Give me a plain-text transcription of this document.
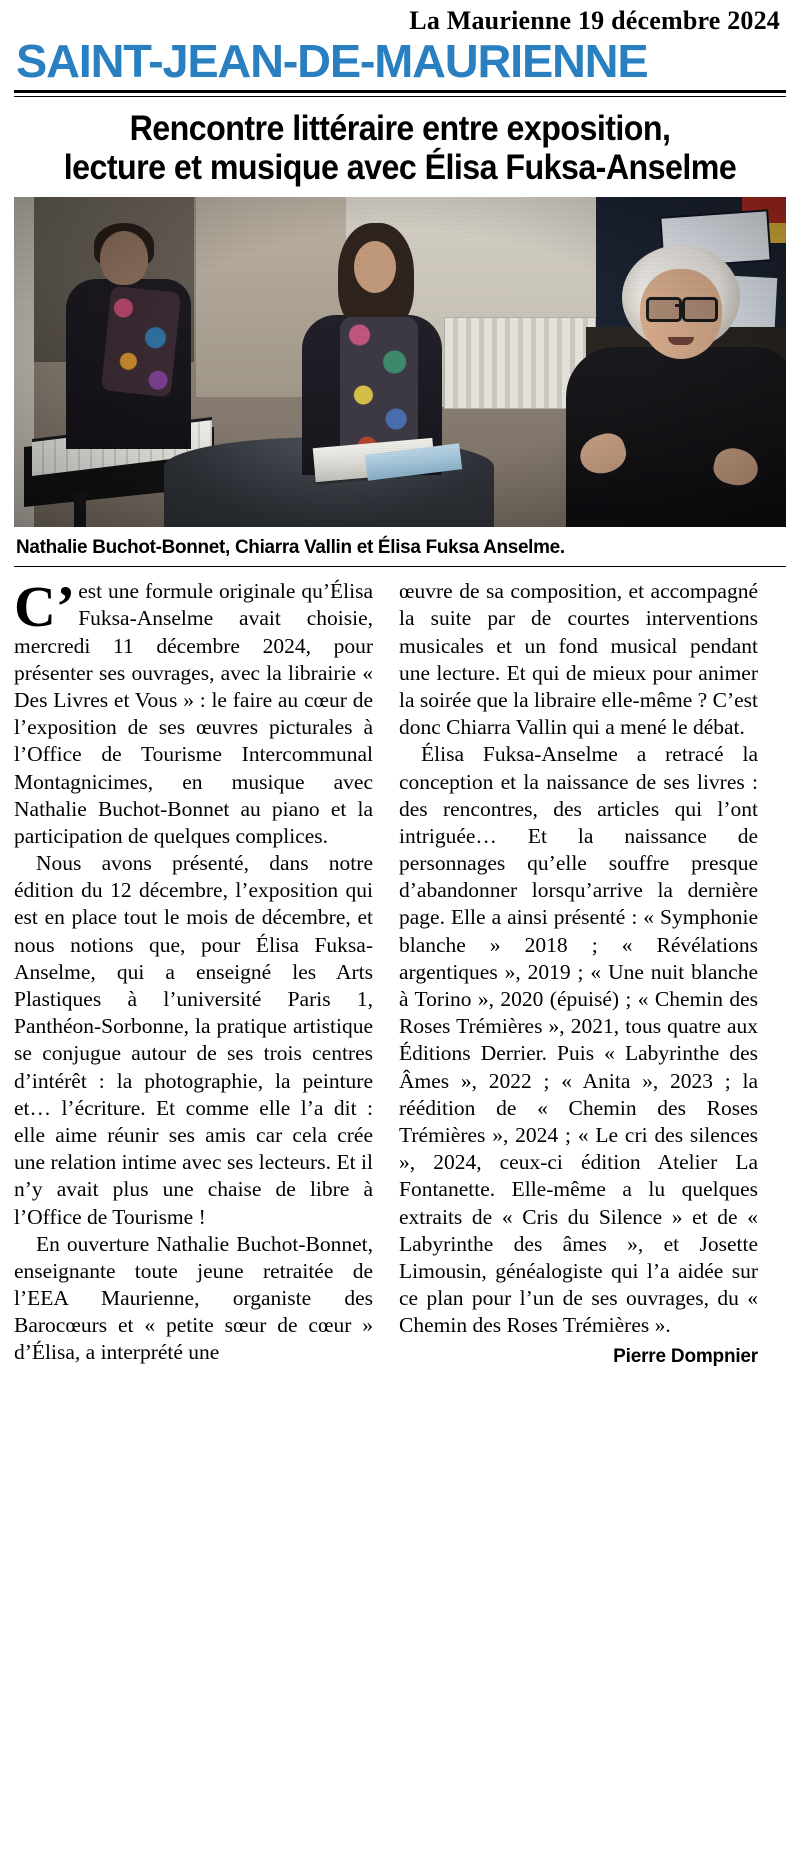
La Maurienne 19 décembre 2024
SAINT-JEAN-DE-MAURIENNE
Rencontre littéraire entre exposition,
lecture et musique avec Élisa Fuksa-Anselme
Nathalie Buchot-Bonnet, Chiarra Vallin et Élisa Fuksa Anselme.

C’est une formule originale qu’Élisa Fuksa-Anselme avait choisie, mercredi 11 décembre 2024, pour présenter ses ouvrages, avec la librairie « Des Livres et Vous » : le faire au cœur de l’exposition de ses œuvres picturales à l’Office de Tourisme Intercommunal Montagnicimes, en musique avec Nathalie Buchot-Bonnet au piano et la participation de quelques complices.

Nous avons présenté, dans notre édition du 12 décembre, l’exposition qui est en place tout le mois de décembre, et nous notions que, pour Élisa Fuksa-Anselme, qui a enseigné les Arts Plastiques à l’université Paris 1, Panthéon-Sorbonne, la pratique artistique se conjugue autour de ses trois centres d’intérêt : la photographie, la peinture et… l’écriture. Et comme elle l’a dit : elle aime réunir ses amis car cela crée une relation intime avec ses lecteurs. Et il n’y avait plus une chaise de libre à l’Office de Tourisme !

En ouverture Nathalie Buchot-Bonnet, enseignante toute jeune retraitée de l’EEA Maurienne, organiste des Barocœurs et « petite sœur de cœur » d’Élisa, a interprété une

œuvre de sa composition, et accompagné la suite par de courtes interventions musicales et un fond musical pendant une lecture. Et qui de mieux pour animer la soirée que la libraire elle-même ? C’est donc Chiarra Vallin qui a mené le débat.

Élisa Fuksa-Anselme a retracé la conception et la naissance de ses livres : des rencontres, des articles qui l’ont intriguée… Et la naissance de personnages qu’elle souffre presque d’abandonner lorsqu’arrive la dernière page. Elle a ainsi présenté : « Symphonie blanche » 2018 ; « Révélations argentiques », 2019 ; « Une nuit blanche à Torino », 2020 (épuisé) ; « Chemin des Roses Trémières », 2021, tous quatre aux Éditions Derrier. Puis « Labyrinthe des Âmes », 2022 ; « Anita », 2023 ; la réédition de « Chemin des Roses Trémières », 2024 ; « Le cri des silences », 2024, ceux-ci édition Atelier La Fontanette. Elle-même a lu quelques extraits de « Cris du Silence » et de « Labyrinthe des âmes », et Josette Limousin, généalogiste qui l’a aidée sur ce plan pour l’un de ses ouvrages, du « Chemin des Roses Trémières ».

Pierre Dompnier
